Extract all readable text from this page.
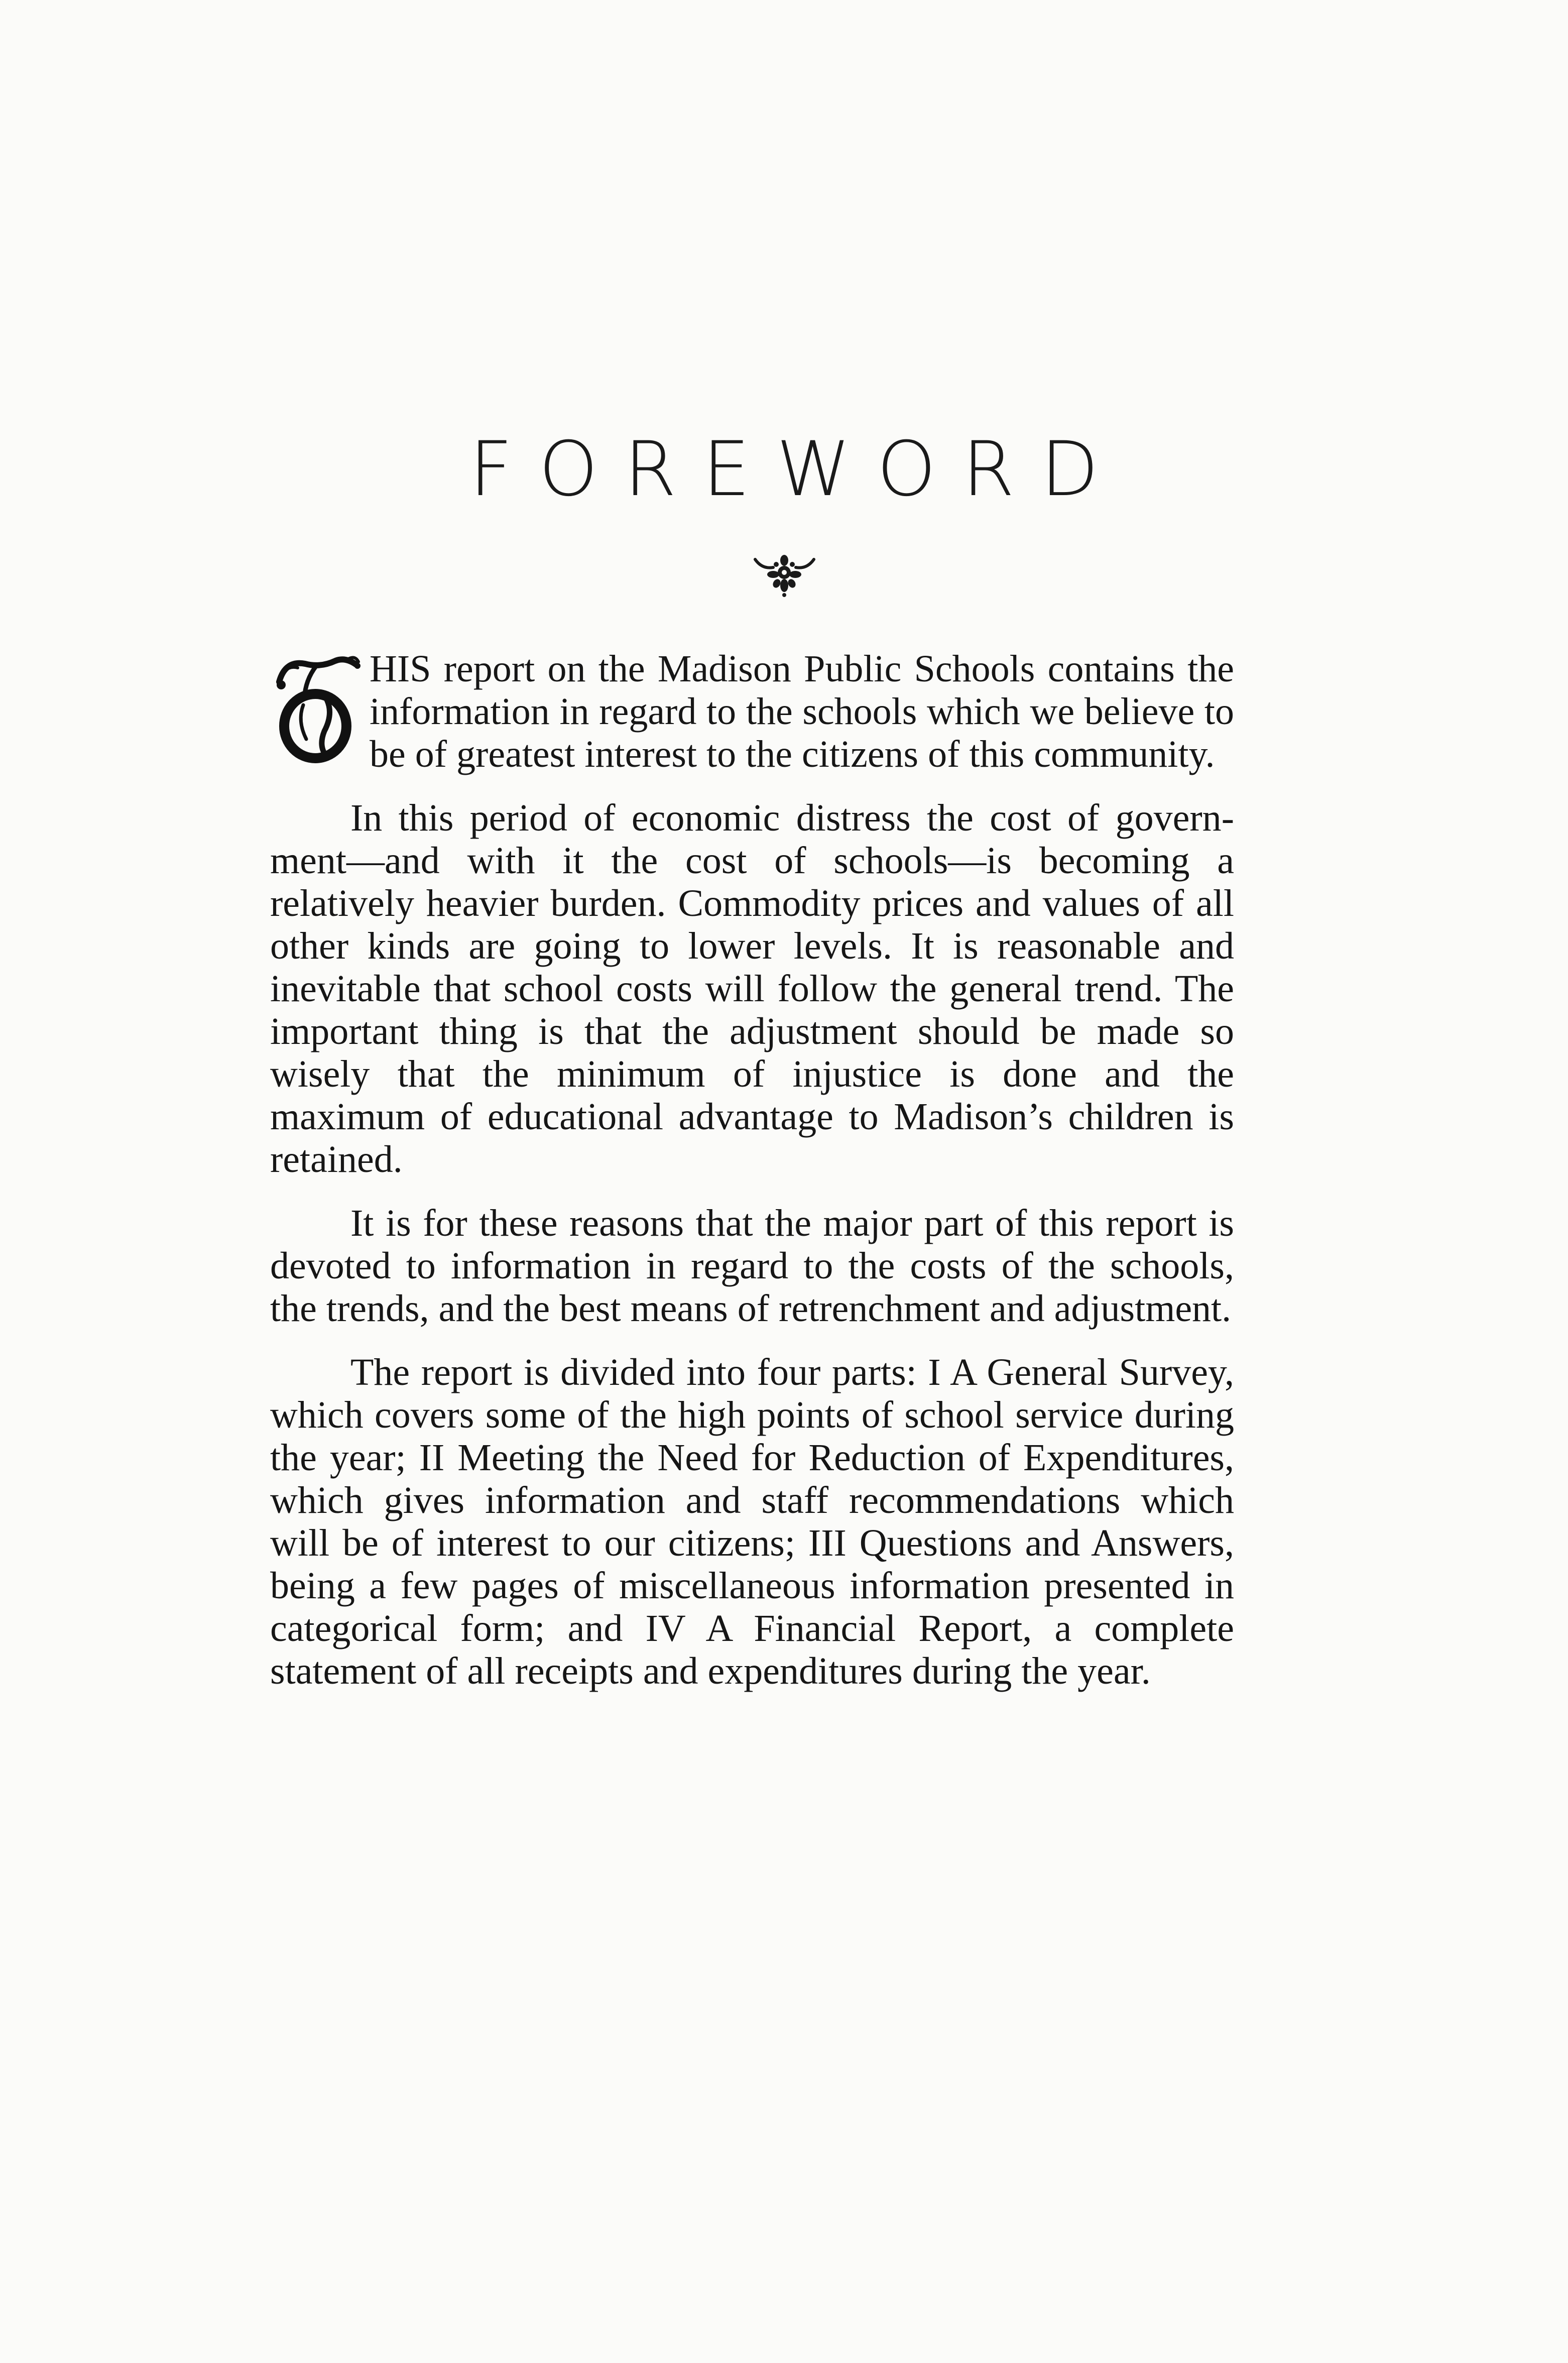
FOREWORD

HIS report on the Madison Public Schools contains the information in regard to the schools which we believe to be of greatest interest to the citizens of this community.

In this period of economic distress the cost of government—and with it the cost of schools—is becoming a relatively heavier burden. Commodity prices and values of all other kinds are going to lower levels. It is reasonable and inevitable that school costs will follow the general trend. The important thing is that the adjustment should be made so wisely that the minimum of injustice is done and the maximum of educational advantage to Madison’s children is retained.

It is for these reasons that the major part of this report is devoted to information in regard to the costs of the schools, the trends, and the best means of retrenchment and adjustment.

The report is divided into four parts: I A General Survey, which covers some of the high points of school service during the year; II Meeting the Need for Reduction of Expenditures, which gives information and staff recommendations which will be of interest to our citizens; III Questions and Answers, being a few pages of miscellaneous information presented in categorical form; and IV A Financial Report, a complete statement of all receipts and expenditures during the year.
